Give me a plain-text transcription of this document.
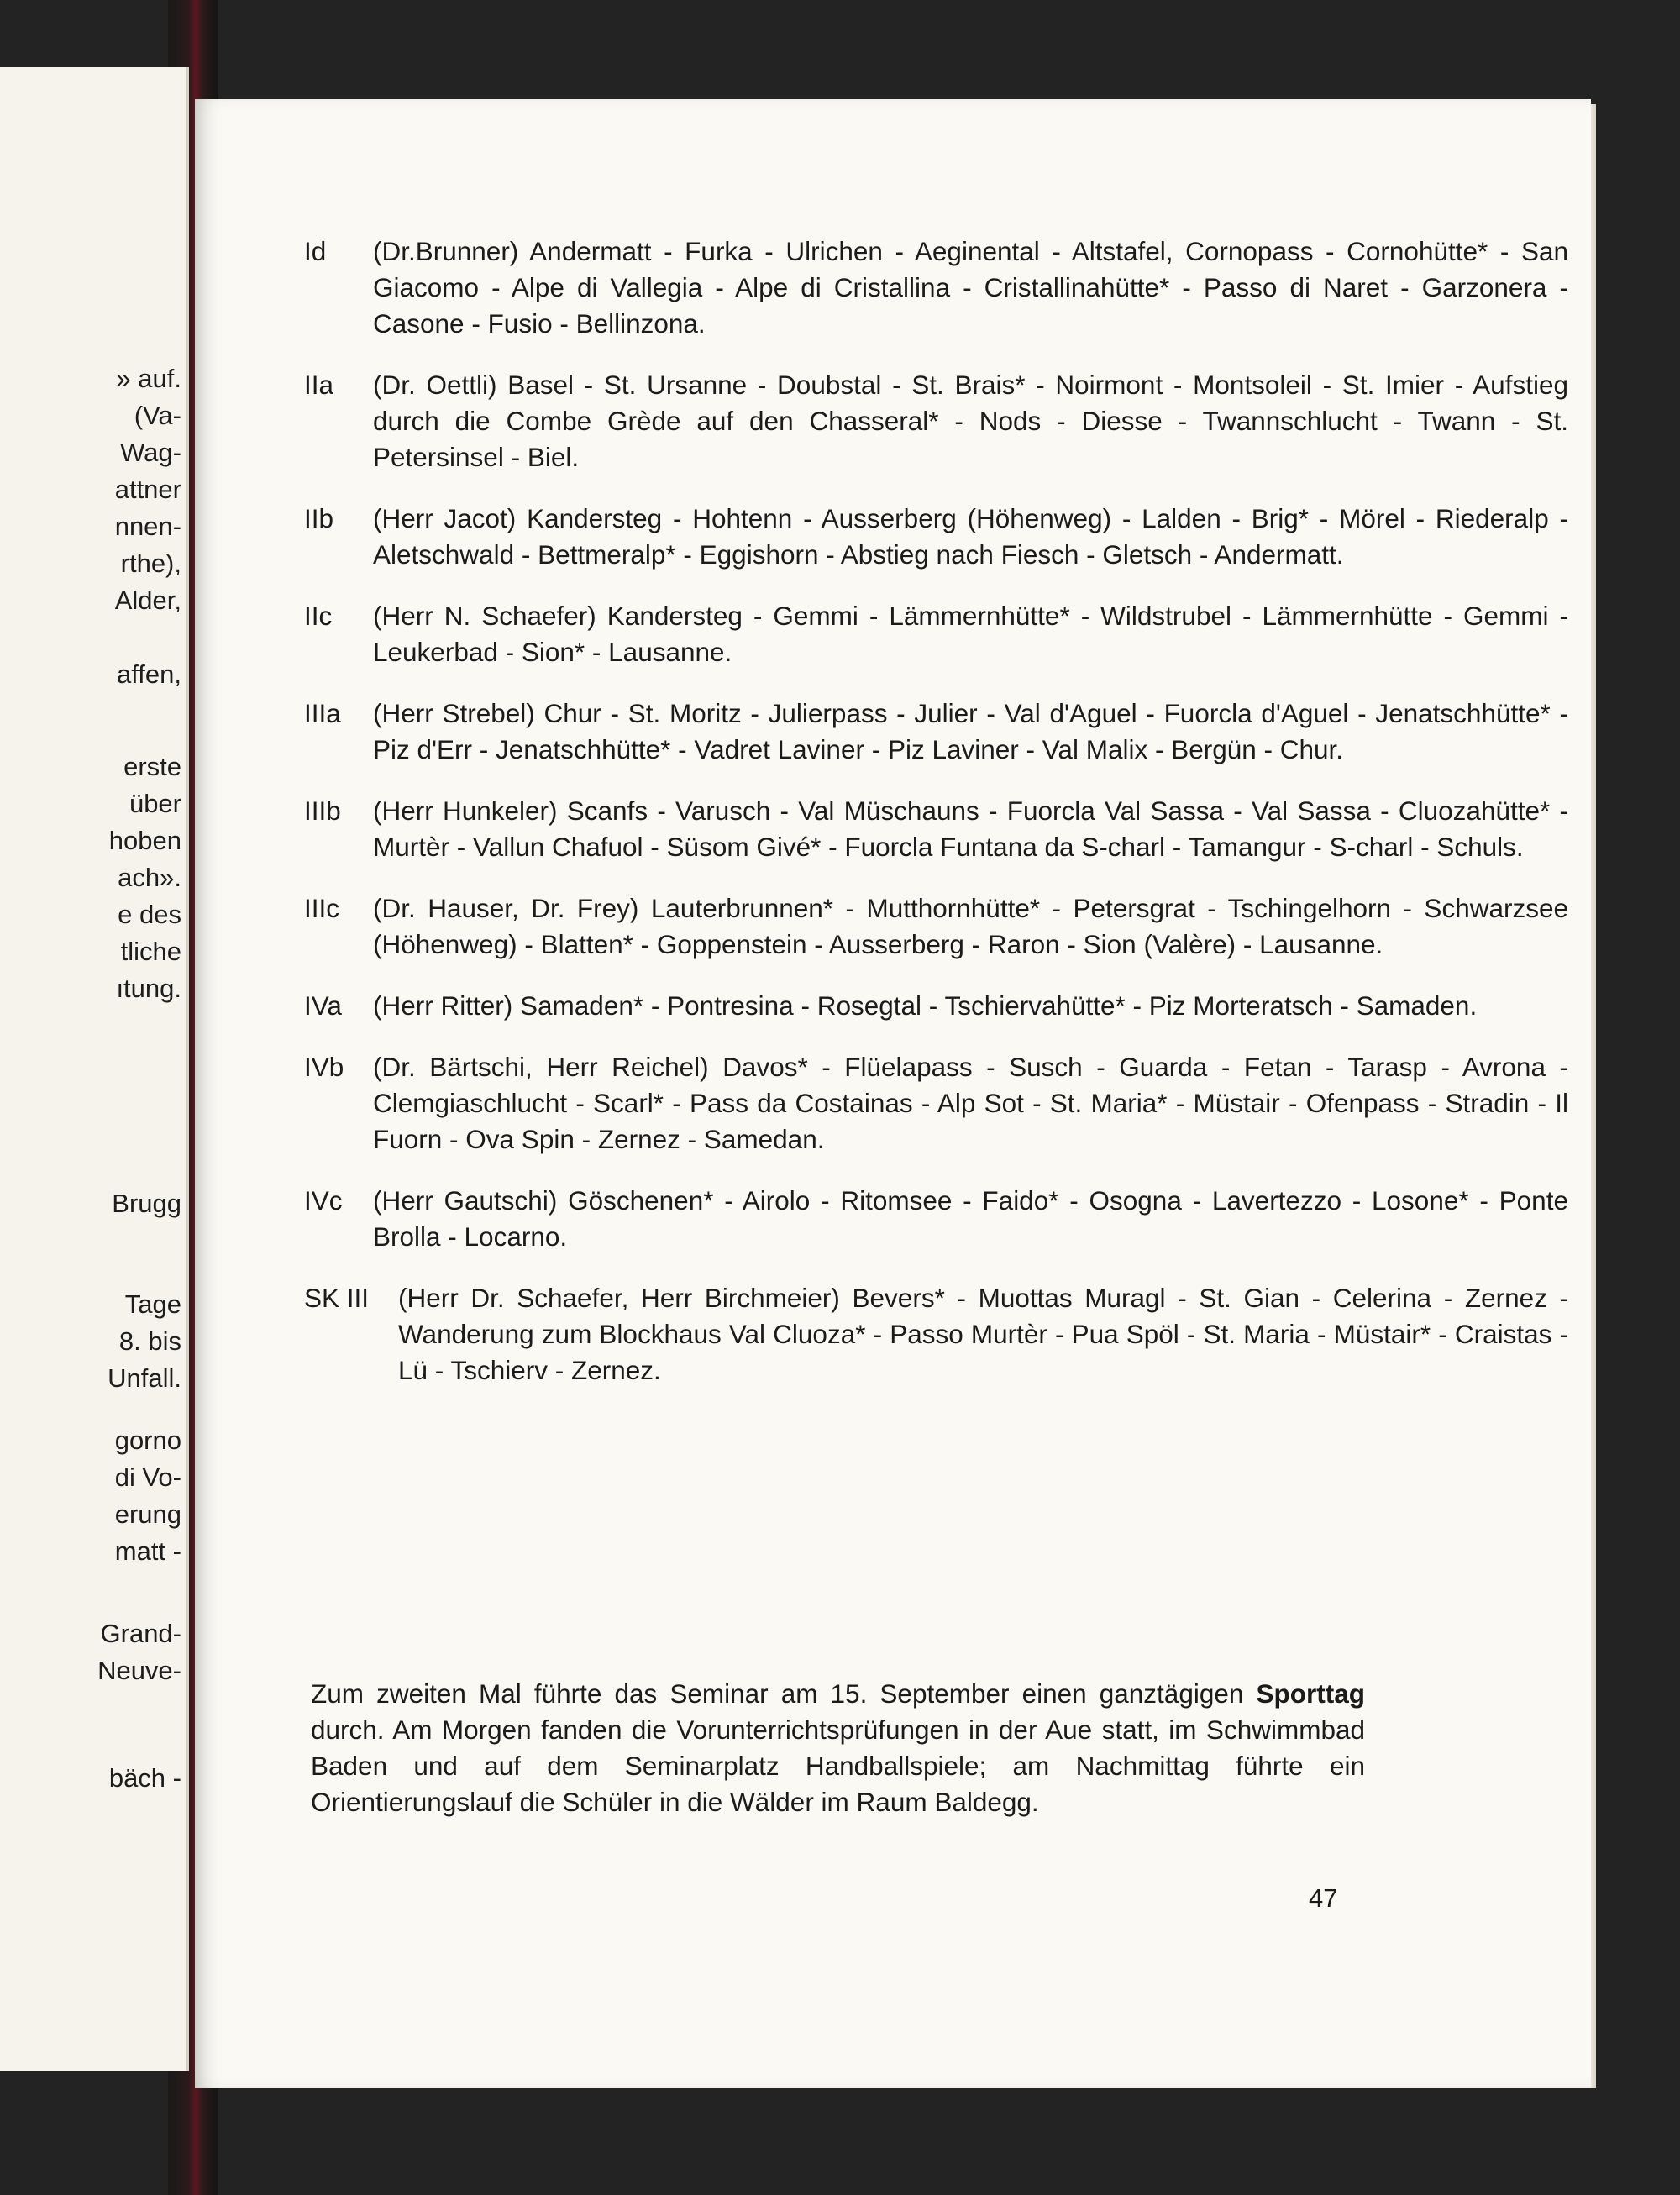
» auf.
(Va-
Wag-
attner
nnen-
rthe),
Alder,
affen,
erste
über
hoben
ach».
e des
tliche
ıtung.
Brugg
Tage
8. bis
Unfall.
gorno
di Vo-
erung
matt -
Grand-
Neuve-
bäch -
Id (Dr.Brunner) Andermatt - Furka - Ulrichen - Aeginental - Altstafel, Cornopass - Cornohütte* - San Giacomo - Alpe di Vallegia - Alpe di Cristallina - Cristallinahütte* - Passo di Naret - Garzonera - Casone - Fusio - Bellinzona.
IIa (Dr. Oettli) Basel - St. Ursanne - Doubstal - St. Brais* - Noirmont - Montsoleil - St. Imier - Aufstieg durch die Combe Grède auf den Chasseral* - Nods - Diesse - Twannschlucht - Twann - St. Petersinsel - Biel.
IIb (Herr Jacot) Kandersteg - Hohtenn - Ausserberg (Höhenweg) - Lalden - Brig* - Mörel - Riederalp - Aletschwald - Bettmeralp* - Eggishorn - Abstieg nach Fiesch - Gletsch - Andermatt.
IIc (Herr N. Schaefer) Kandersteg - Gemmi - Lämmernhütte* - Wildstrubel - Lämmernhütte - Gemmi - Leukerbad - Sion* - Lausanne.
IIIa (Herr Strebel) Chur - St. Moritz - Julierpass - Julier - Val d'Aguel - Fuorcla d'Aguel - Jenatschhütte* - Piz d'Err - Jenatschhütte* - Vadret Laviner - Piz Laviner - Val Malix - Bergün - Chur.
IIIb (Herr Hunkeler) Scanfs - Varusch - Val Müschauns - Fuorcla Val Sassa - Val Sassa - Cluozahütte* - Murtèr - Vallun Chafuol - Süsom Givé* - Fuorcla Funtana da S-charl - Tamangur - S-charl - Schuls.
IIIc (Dr. Hauser, Dr. Frey) Lauterbrunnen* - Mutthornhütte* - Petersgrat - Tschingelhorn - Schwarzsee (Höhenweg) - Blatten* - Goppenstein - Ausserberg - Raron - Sion (Valère) - Lausanne.
IVa (Herr Ritter) Samaden* - Pontresina - Rosegtal - Tschiervahütte* - Piz Morteratsch - Samaden.
IVb (Dr. Bärtschi, Herr Reichel) Davos* - Flüelapass - Susch - Guarda - Fetan - Tarasp - Avrona - Clemgiaschlucht - Scarl* - Pass da Costainas - Alp Sot - St. Maria* - Müstair - Ofenpass - Stradin - Il Fuorn - Ova Spin - Zernez - Samedan.
IVc (Herr Gautschi) Göschenen* - Airolo - Ritomsee - Faido* - Osogna - Lavertezzo - Losone* - Ponte Brolla - Locarno.
SK III (Herr Dr. Schaefer, Herr Birchmeier) Bevers* - Muottas Muragl - St. Gian - Celerina - Zernez - Wanderung zum Blockhaus Val Cluoza* - Passo Murtèr - Pua Spöl - St. Maria - Müstair* - Craistas - Lü - Tschierv - Zernez.
Zum zweiten Mal führte das Seminar am 15. September einen ganztägigen Sporttag durch. Am Morgen fanden die Vorunterrichtsprüfungen in der Aue statt, im Schwimmbad Baden und auf dem Seminarplatz Handballspiele; am Nachmittag führte ein Orientierungslauf die Schüler in die Wälder im Raum Baldegg.
47
